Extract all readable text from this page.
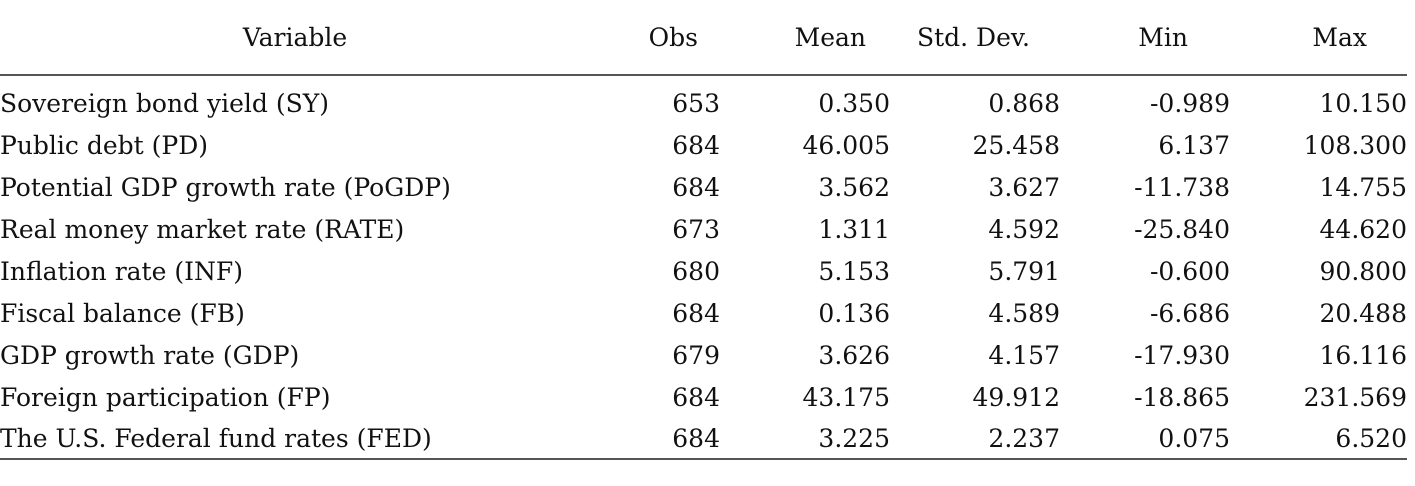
Variable	Obs	Mean	Std. Dev.	Min	Max
Sovereign bond yield (SY)	653	0.350	0.868	-0.989	10.150
Public debt (PD)	684	46.005	25.458	6.137	108.300
Potential GDP growth rate (PoGDP)	684	3.562	3.627	-11.738	14.755
Real money market rate (RATE)	673	1.311	4.592	-25.840	44.620
Inflation rate (INF)	680	5.153	5.791	-0.600	90.800
Fiscal balance (FB)	684	0.136	4.589	-6.686	20.488
GDP growth rate (GDP)	679	3.626	4.157	-17.930	16.116
Foreign participation (FP)	684	43.175	49.912	-18.865	231.569
The U.S. Federal fund rates (FED)	684	3.225	2.237	0.075	6.520
